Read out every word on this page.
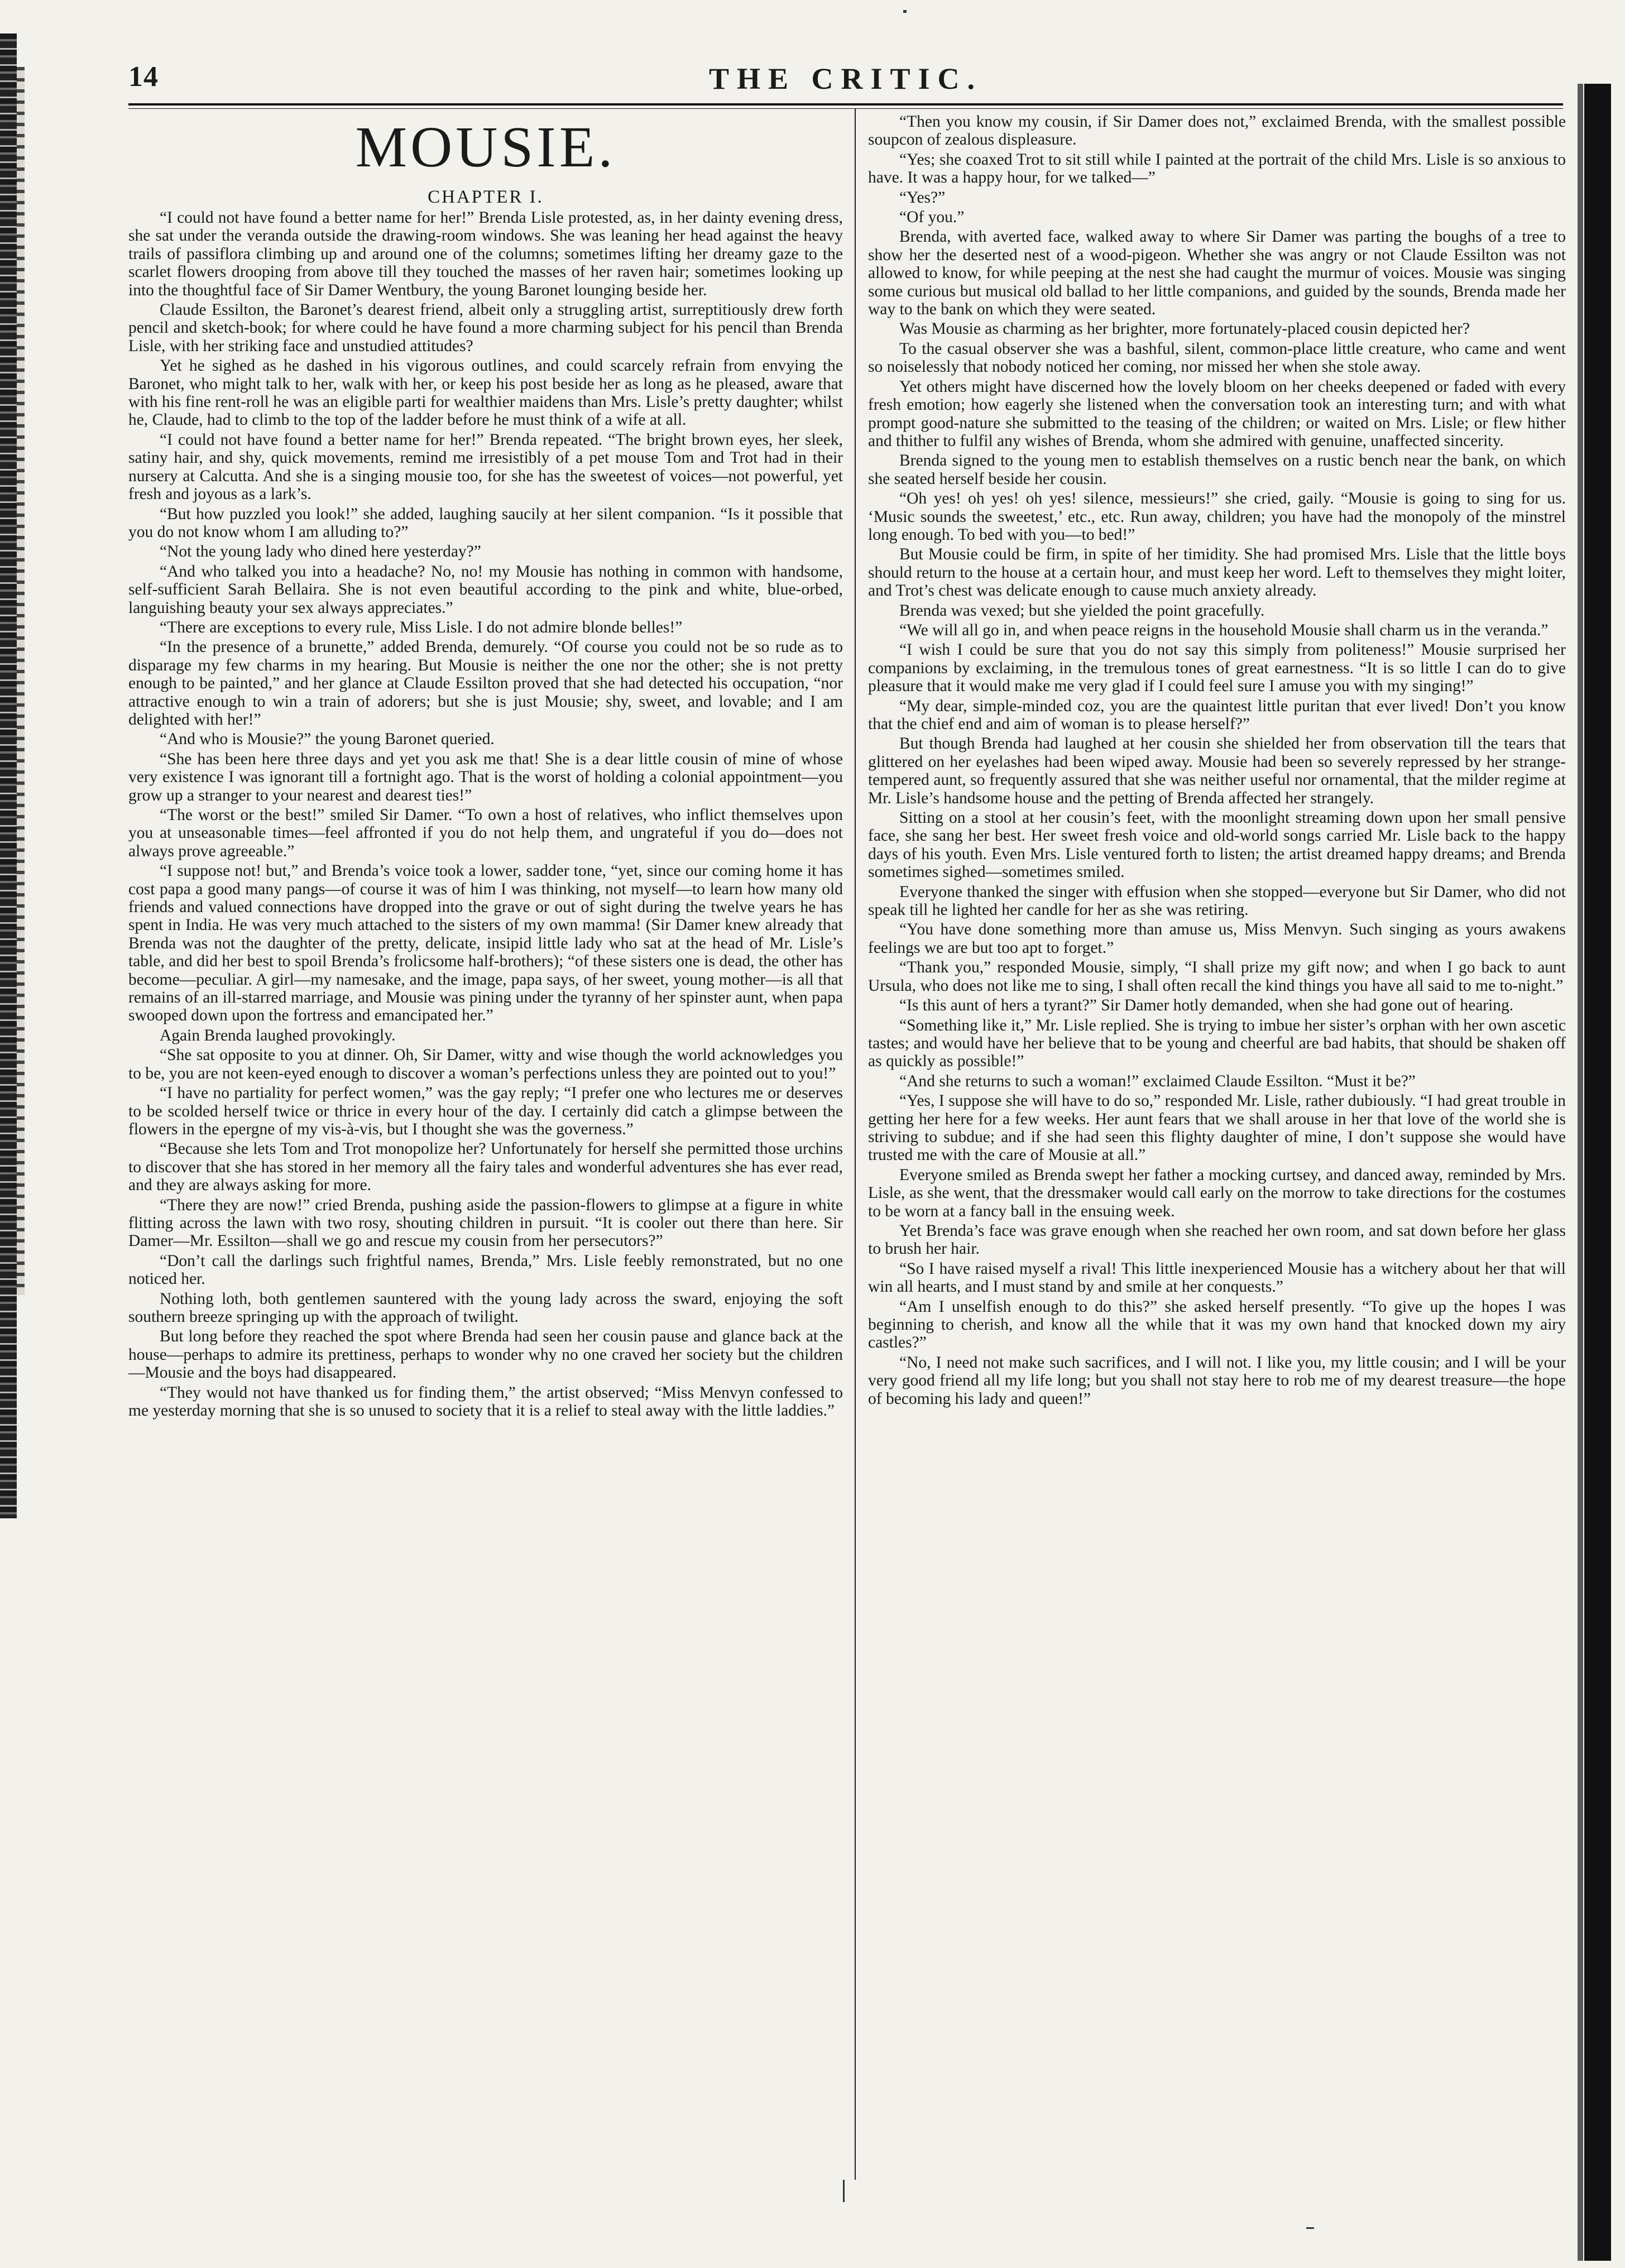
14	THE CRITIC.
MOUSIE.
CHAPTER I.

“I could not have found a better name for her!” Brenda Lisle protested, as, in her dainty evening dress, she sat under the veranda outside the drawing-room windows. She was leaning her head against the heavy trails of passiflora climbing up and around one of the columns; sometimes lifting her dreamy gaze to the scarlet flowers drooping from above till they touched the masses of her raven hair; sometimes looking up into the thoughtful face of Sir Damer Wentbury, the young Baronet lounging beside her.

Claude Essilton, the Baronet’s dearest friend, albeit only a struggling artist, surreptitiously drew forth pencil and sketch-book; for where could he have found a more charming subject for his pencil than Brenda Lisle, with her striking face and unstudied attitudes?

Yet he sighed as he dashed in his vigorous outlines, and could scarcely refrain from envying the Baronet, who might talk to her, walk with her, or keep his post beside her as long as he pleased, aware that with his fine rent-roll he was an eligible parti for wealthier maidens than Mrs. Lisle’s pretty daughter; whilst he, Claude, had to climb to the top of the ladder before he must think of a wife at all.

“I could not have found a better name for her!” Brenda repeated. “The bright brown eyes, her sleek, satiny hair, and shy, quick movements, remind me irresistibly of a pet mouse Tom and Trot had in their nursery at Calcutta. And she is a singing mousie too, for she has the sweetest of voices—not powerful, yet fresh and joyous as a lark’s.

“But how puzzled you look!” she added, laughing saucily at her silent companion. “Is it possible that you do not know whom I am alluding to?”

“Not the young lady who dined here yesterday?”

“And who talked you into a headache? No, no! my Mousie has nothing in common with handsome, self-sufficient Sarah Bellaira. She is not even beautiful according to the pink and white, blue-orbed, languishing beauty your sex always appreciates.”

“There are exceptions to every rule, Miss Lisle. I do not admire blonde belles!”

“In the presence of a brunette,” added Brenda, demurely. “Of course you could not be so rude as to disparage my few charms in my hearing. But Mousie is neither the one nor the other; she is not pretty enough to be painted,” and her glance at Claude Essilton proved that she had detected his occupation, “nor attractive enough to win a train of adorers; but she is just Mousie; shy, sweet, and lovable; and I am delighted with her!”

“And who is Mousie?” the young Baronet queried.

“She has been here three days and yet you ask me that! She is a dear little cousin of mine of whose very existence I was ignorant till a fortnight ago. That is the worst of holding a colonial appointment—you grow up a stranger to your nearest and dearest ties!”

“The worst or the best!” smiled Sir Damer. “To own a host of relatives, who inflict themselves upon you at unseasonable times—feel affronted if you do not help them, and ungrateful if you do—does not always prove agreeable.”

“I suppose not! but,” and Brenda’s voice took a lower, sadder tone, “yet, since our coming home it has cost papa a good many pangs—of course it was of him I was thinking, not myself—to learn how many old friends and valued connections have dropped into the grave or out of sight during the twelve years he has spent in India. He was very much attached to the sisters of my own mamma! (Sir Damer knew already that Brenda was not the daughter of the pretty, delicate, insipid little lady who sat at the head of Mr. Lisle’s table, and did her best to spoil Brenda’s frolicsome half-brothers); “of these sisters one is dead, the other has become—peculiar. A girl—my namesake, and the image, papa says, of her sweet, young mother—is all that remains of an ill-starred marriage, and Mousie was pining under the tyranny of her spinster aunt, when papa swooped down upon the fortress and emancipated her.”

Again Brenda laughed provokingly.

“She sat opposite to you at dinner. Oh, Sir Damer, witty and wise though the world acknowledges you to be, you are not keen-eyed enough to discover a woman’s perfections unless they are pointed out to you!”

“I have no partiality for perfect women,” was the gay reply; “I prefer one who lectures me or deserves to be scolded herself twice or thrice in every hour of the day. I certainly did catch a glimpse between the flowers in the epergne of my vis-à-vis, but I thought she was the governess.”

“Because she lets Tom and Trot monopolize her? Unfortunately for herself she permitted those urchins to discover that she has stored in her memory all the fairy tales and wonderful adventures she has ever read, and they are always asking for more.

“There they are now!” cried Brenda, pushing aside the passion-flowers to glimpse at a figure in white flitting across the lawn with two rosy, shouting children in pursuit. “It is cooler out there than here. Sir Damer—Mr. Essilton—shall we go and rescue my cousin from her persecutors?”

“Don’t call the darlings such frightful names, Brenda,” Mrs. Lisle feebly remonstrated, but no one noticed her.

Nothing loth, both gentlemen sauntered with the young lady across the sward, enjoying the soft southern breeze springing up with the approach of twilight.

But long before they reached the spot where Brenda had seen her cousin pause and glance back at the house—perhaps to admire its prettiness, perhaps to wonder why no one craved her society but the children—Mousie and the boys had disappeared.

“They would not have thanked us for finding them,” the artist observed; “Miss Menvyn confessed to me yesterday morning that she is so unused to society that it is a relief to steal away with the little laddies.”

“Then you know my cousin, if Sir Damer does not,” exclaimed Brenda, with the smallest possible soupcon of zealous displeasure.

“Yes; she coaxed Trot to sit still while I painted at the portrait of the child Mrs. Lisle is so anxious to have. It was a happy hour, for we talked—”

“Yes?”

“Of you.”

Brenda, with averted face, walked away to where Sir Damer was parting the boughs of a tree to show her the deserted nest of a wood-pigeon. Whether she was angry or not Claude Essilton was not allowed to know, for while peeping at the nest she had caught the murmur of voices. Mousie was singing some curious but musical old ballad to her little companions, and guided by the sounds, Brenda made her way to the bank on which they were seated.

Was Mousie as charming as her brighter, more fortunately-placed cousin depicted her?

To the casual observer she was a bashful, silent, common-place little creature, who came and went so noiselessly that nobody noticed her coming, nor missed her when she stole away.

Yet others might have discerned how the lovely bloom on her cheeks deepened or faded with every fresh emotion; how eagerly she listened when the conversation took an interesting turn; and with what prompt good-nature she submitted to the teasing of the children; or waited on Mrs. Lisle; or flew hither and thither to fulfil any wishes of Brenda, whom she admired with genuine, unaffected sincerity.

Brenda signed to the young men to establish themselves on a rustic bench near the bank, on which she seated herself beside her cousin.

“Oh yes! oh yes! oh yes! silence, messieurs!” she cried, gaily. “Mousie is going to sing for us. ‘Music sounds the sweetest,’ etc., etc. Run away, children; you have had the monopoly of the minstrel long enough. To bed with you—to bed!”

But Mousie could be firm, in spite of her timidity. She had promised Mrs. Lisle that the little boys should return to the house at a certain hour, and must keep her word. Left to themselves they might loiter, and Trot’s chest was delicate enough to cause much anxiety already.

Brenda was vexed; but she yielded the point gracefully.

“We will all go in, and when peace reigns in the household Mousie shall charm us in the veranda.”

“I wish I could be sure that you do not say this simply from politeness!” Mousie surprised her companions by exclaiming, in the tremulous tones of great earnestness. “It is so little I can do to give pleasure that it would make me very glad if I could feel sure I amuse you with my singing!”

“My dear, simple-minded coz, you are the quaintest little puritan that ever lived! Don’t you know that the chief end and aim of woman is to please herself?”

But though Brenda had laughed at her cousin she shielded her from observation till the tears that glittered on her eyelashes had been wiped away. Mousie had been so severely repressed by her strange-tempered aunt, so frequently assured that she was neither useful nor ornamental, that the milder regime at Mr. Lisle’s handsome house and the petting of Brenda affected her strangely.

Sitting on a stool at her cousin’s feet, with the moonlight streaming down upon her small pensive face, she sang her best. Her sweet fresh voice and old-world songs carried Mr. Lisle back to the happy days of his youth. Even Mrs. Lisle ventured forth to listen; the artist dreamed happy dreams; and Brenda sometimes sighed—sometimes smiled.

Everyone thanked the singer with effusion when she stopped—everyone but Sir Damer, who did not speak till he lighted her candle for her as she was retiring.

“You have done something more than amuse us, Miss Menvyn. Such singing as yours awakens feelings we are but too apt to forget.”

“Thank you,” responded Mousie, simply, “I shall prize my gift now; and when I go back to aunt Ursula, who does not like me to sing, I shall often recall the kind things you have all said to me to-night.”

“Is this aunt of hers a tyrant?” Sir Damer hotly demanded, when she had gone out of hearing.

“Something like it,” Mr. Lisle replied. She is trying to imbue her sister’s orphan with her own ascetic tastes; and would have her believe that to be young and cheerful are bad habits, that should be shaken off as quickly as possible!”

“And she returns to such a woman!” exclaimed Claude Essilton. “Must it be?”

“Yes, I suppose she will have to do so,” responded Mr. Lisle, rather dubiously. “I had great trouble in getting her here for a few weeks. Her aunt fears that we shall arouse in her that love of the world she is striving to subdue; and if she had seen this flighty daughter of mine, I don’t suppose she would have trusted me with the care of Mousie at all.”

Everyone smiled as Brenda swept her father a mocking curtsey, and danced away, reminded by Mrs. Lisle, as she went, that the dressmaker would call early on the morrow to take directions for the costumes to be worn at a fancy ball in the ensuing week.

Yet Brenda’s face was grave enough when she reached her own room, and sat down before her glass to brush her hair.

“So I have raised myself a rival! This little inexperienced Mousie has a witchery about her that will win all hearts, and I must stand by and smile at her conquests.”

“Am I unselfish enough to do this?” she asked herself presently. “To give up the hopes I was beginning to cherish, and know all the while that it was my own hand that knocked down my airy castles?”

“No, I need not make such sacrifices, and I will not. I like you, my little cousin; and I will be your very good friend all my life long; but you shall not stay here to rob me of my dearest treasure—the hope of becoming his lady and queen!”
